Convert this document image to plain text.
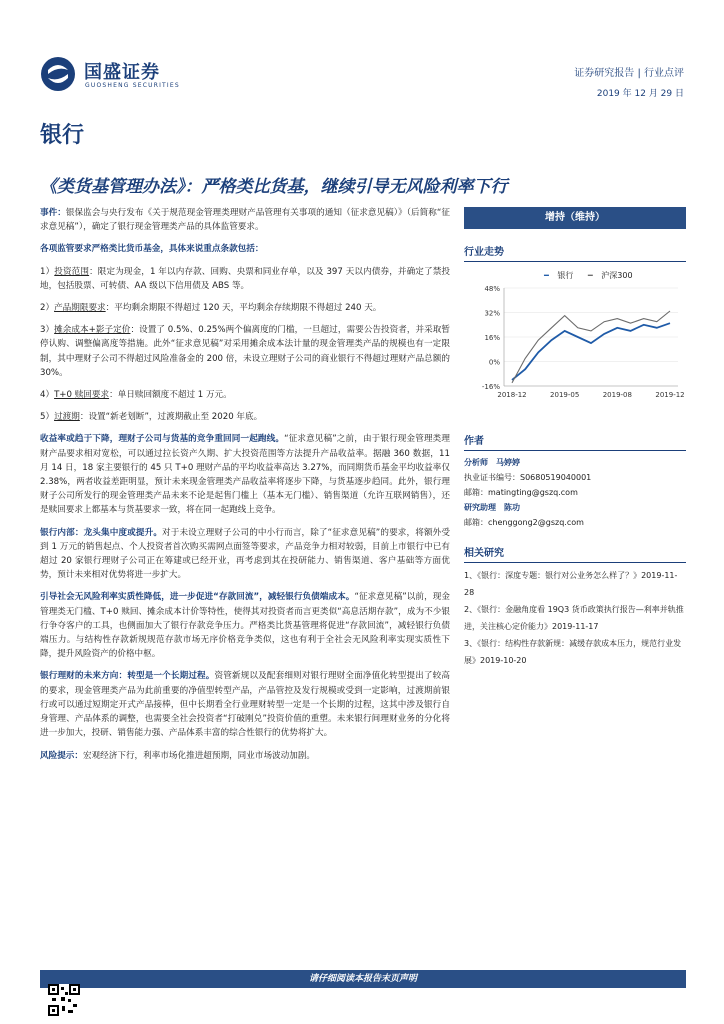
国盛证券
GUOSHENG SECURITIES
证券研究报告 | 行业点评
2019 年 12 月 29 日
银行
《类货基管理办法》：严格类比货基，继续引导无风险利率下行

事件：银保监会与央行发布《关于规范现金管理类理财产品管理有关事项的通知（征求意见稿）》（后简称“征求意见稿”），确定了银行现金管理类产品的具体监管要求。

各项监管要求严格类比货币基金，具体来说重点条款包括：

1）投资范围：限定为现金，1 年以内存款、回购、央票和同业存单，以及 397 天以内债券，并确定了禁投地，包括股票、可转债、AA 级以下信用债及 ABS 等。

2）产品期限要求：平均剩余期限不得超过 120 天，平均剩余存续期限不得超过 240 天。

3）摊余成本+影子定价：设置了 0.5%、0.25%两个偏离度的门槛，一旦超过，需要公告投资者，并采取暂停认购、调整偏离度等措施。此外“征求意见稿”对采用摊余成本法计量的现金管理类产品的规模也有一定限制，其中理财子公司不得超过风险准备金的 200 倍，未设立理财子公司的商业银行不得超过理财产品总额的 30%。

4）T+0 赎回要求：单日赎回额度不超过 1 万元。

5）过渡期：设置“新老划断”，过渡期截止至 2020 年底。

收益率或趋于下降，理财子公司与货基的竞争重回同一起跑线。“征求意见稿”之前，由于银行现金管理类理财产品要求相对宽松，可以通过拉长资产久期、扩大投资范围等方法提升产品收益率。据融 360 数据，11 月 14 日，18 家主要银行的 45 只 T+0 理财产品的平均收益率高达 3.27%，而同期货币基金平均收益率仅 2.38%，两者收益差距明显，预计未来现金管理类产品收益率将逐步下降，与货基逐步趋同。此外，银行理财子公司所发行的现金管理类产品未来不论是起售门槛上（基本无门槛）、销售渠道（允许互联网销售），还是赎回要求上都基本与货基要求一致，将在同一起跑线上竞争。

银行内部：龙头集中度或提升。对于未设立理财子公司的中小行而言，除了“征求意见稿”的要求，将额外受到 1 万元的销售起点、个人投资者首次购买需网点面签等要求，产品竞争力相对较弱，目前上市银行中已有超过 20 家银行理财子公司正在筹建或已经开业，再考虑到其在投研能力、销售渠道、客户基础等方面优势，预计未来相对优势将进一步扩大。

引导社会无风险利率实质性降低，进一步促进“存款回流”，减轻银行负债端成本。“征求意见稿”以前，现金管理类无门槛、T+0 赎回、摊余成本计价等特性，使得其对投资者而言更类似“高息活期存款”，成为不少银行争夺客户的工具，也侧面加大了银行存款竞争压力。严格类比货基管理将促进“存款回流”，减轻银行负债端压力。与结构性存款新规规范存款市场无序价格竞争类似，这也有利于全社会无风险利率实现实质性下降，提升风险资产的价格中枢。

银行理财的未来方向：转型是一个长期过程。资管新规以及配套细则对银行理财全面净值化转型提出了较高的要求，现金管理类产品为此前重要的净值型转型产品，产品管控及发行规模或受到一定影响，过渡期前银行或可以通过短期定开式产品接棒，但中长期看全行业理财转型一定是一个长期的过程，这其中涉及银行自身管理、产品体系的调整，也需要全社会投资者“打破刚兑”投资价值的重塑。未来银行间理财业务的分化将进一步加大，投研、销售能力强、产品体系丰富的综合性银行的优势将扩大。

风险提示：宏观经济下行，利率市场化推进超预期，同业市场波动加剧。

增持（维持）
行业走势
━ 银行 ━ 沪深300
48%
32%
16%
0%
-16%
2018-12	2019-05	2019-08	2019-12
作者
分析师　 马婷婷
执业证书编号：S0680519040001
邮箱：matingting@gszq.com
研究助理　 陈功
邮箱：chenggong2@gszq.com
相关研究
1、《银行：深度专题：银行对公业务怎么样了？》2019-11-28
2、《银行：金融角度看 19Q3 货币政策执行报告—利率并轨推进，关注核心定价能力》2019-11-17
3、《银行：结构性存款新规：减缓存款成本压力，规范行业发展》2019-10-20
请仔细阅读本报告末页声明
